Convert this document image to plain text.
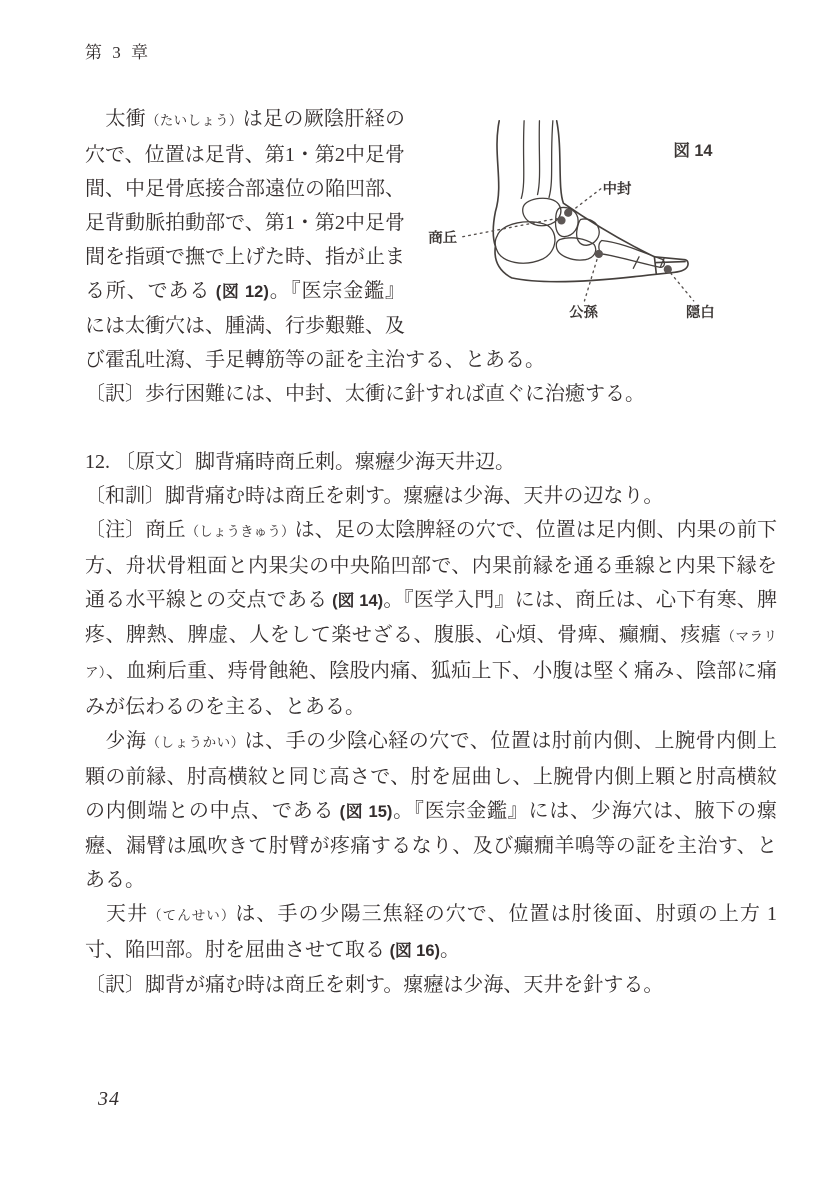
第 3 章
図 14
中封
商丘
公孫	隠白

　太衝（たいしょう）は足の厥陰肝経の穴で、位置は足背、第1・第2中足骨間、中足骨底接合部遠位の陥凹部、足背動脈拍動部で、第1・第2中足骨間を指頭で撫で上げた時、指が止まる所、である (図 12)。『医宗金鑑』には太衝穴は、腫満、行歩艱難、及び霍乱吐瀉、手足轉筋等の証を主治する、とある。

〔訳〕歩行困難には、中封、太衝に針すれば直ぐに治癒する。

12. 〔原文〕脚背痛時商丘刺。瘰癧少海天井辺。

〔和訓〕脚背痛む時は商丘を刺す。瘰癧は少海、天井の辺なり。

〔注〕商丘（しょうきゅう）は、足の太陰脾経の穴で、位置は足内側、内果の前下方、舟状骨粗面と内果尖の中央陥凹部で、内果前縁を通る垂線と内果下縁を通る水平線との交点である (図 14)。『医学入門』には、商丘は、心下有寒、脾疼、脾熱、脾虚、人をして楽せざる、腹脹、心煩、骨痺、癲癇、痎瘧（マラリア）、血痢后重、痔骨蝕絶、陰股内痛、狐疝上下、小腹は堅く痛み、陰部に痛みが伝わるのを主る、とある。

　少海（しょうかい）は、手の少陰心経の穴で、位置は肘前内側、上腕骨内側上顆の前縁、肘高横紋と同じ高さで、肘を屈曲し、上腕骨内側上顆と肘高横紋の内側端との中点、である (図 15)。『医宗金鑑』には、少海穴は、腋下の瘰癧、漏臂は風吹きて肘臂が疼痛するなり、及び癲癇羊鳴等の証を主治す、とある。

　天井（てんせい）は、手の少陽三焦経の穴で、位置は肘後面、肘頭の上方 1 寸、陥凹部。肘を屈曲させて取る (図 16)。

〔訳〕脚背が痛む時は商丘を刺す。瘰癧は少海、天井を針する。

34
